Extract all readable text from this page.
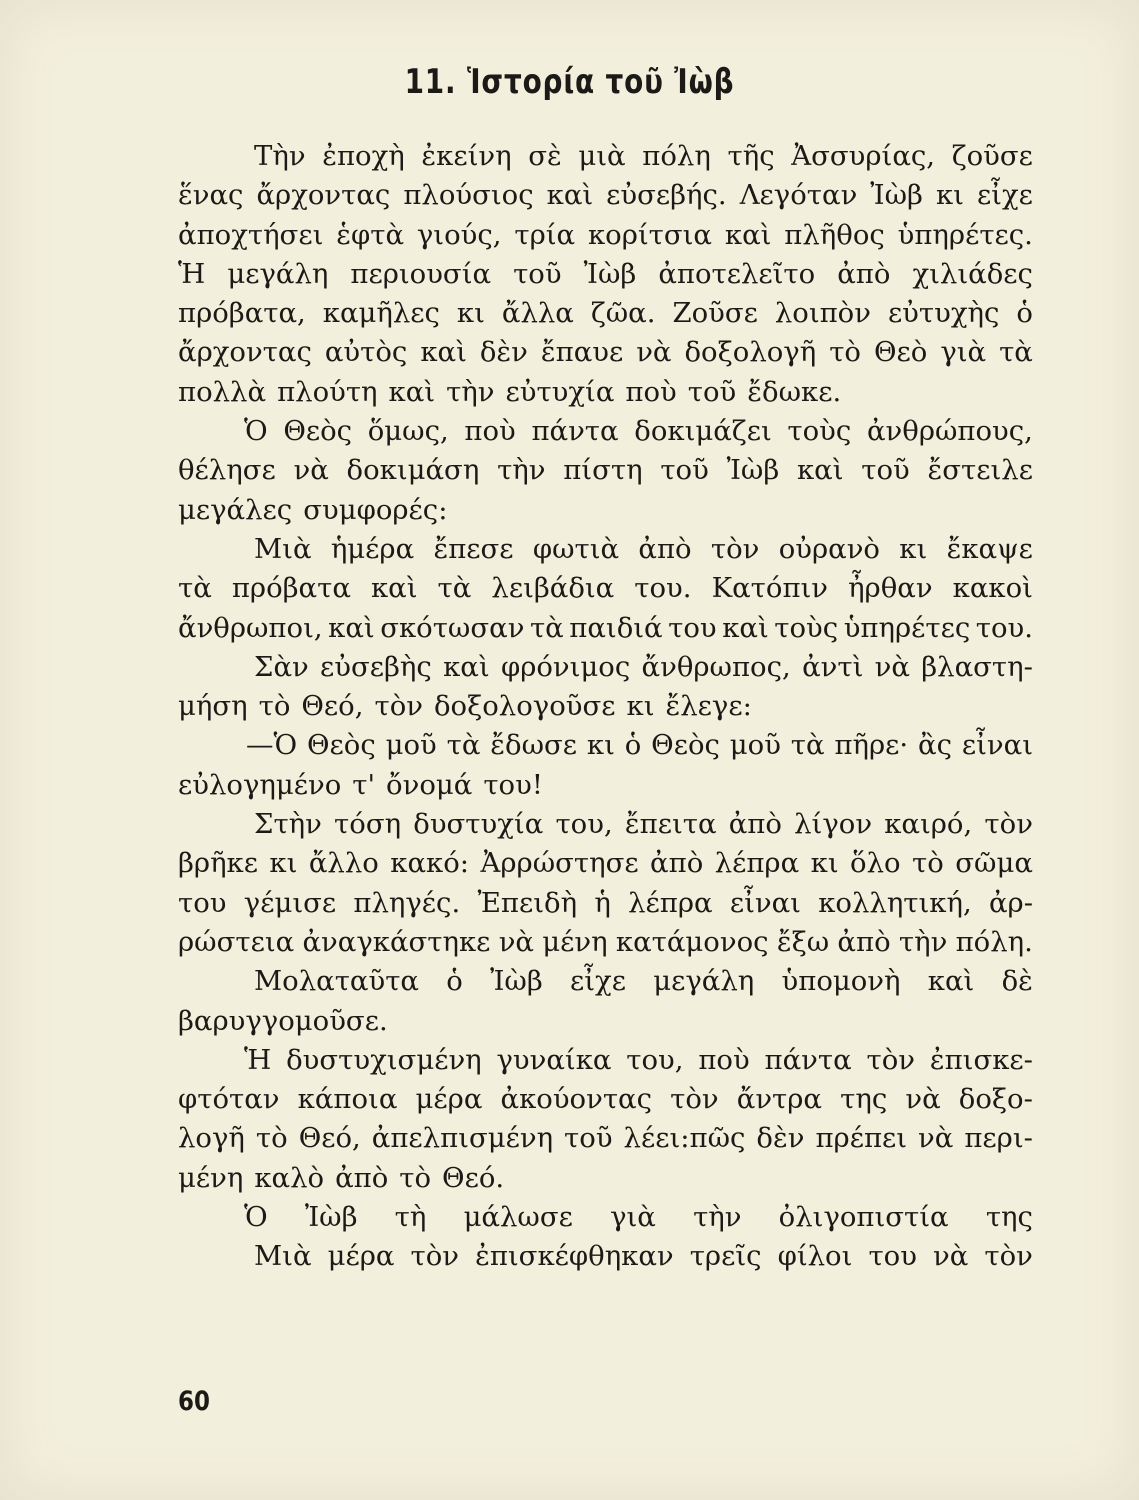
11. Ἱστορία τοῦ Ἰὼβ
Τὴν ἐποχὴ ἐκείνη σὲ μιὰ πόλη τῆς Ἀσσυρίας, ζοῦσε
ἕνας ἄρχοντας πλούσιος καὶ εὐσεβής. Λεγόταν Ἰὼβ κι εἶχε
ἀποχτήσει ἑφτὰ γιούς, τρία κορίτσια καὶ πλῆθος ὑπηρέτες.
Ἡ μεγάλη περιουσία τοῦ Ἰὼβ ἀποτελεῖτο ἀπὸ χιλιάδες
πρόβατα, καμῆλες κι ἄλλα ζῶα. Ζοῦσε λοιπὸν εὐτυχὴς ὁ
ἄρχοντας αὐτὸς καὶ δὲν ἔπαυε νὰ δοξολογῆ τὸ Θεὸ γιὰ τὰ
πολλὰ πλούτη καὶ τὴν εὐτυχία ποὺ τοῦ ἔδωκε.
Ὁ Θεὸς ὅμως, ποὺ πάντα δοκιμάζει τοὺς ἀνθρώπους,
θέλησε νὰ δοκιμάση τὴν πίστη τοῦ Ἰὼβ καὶ τοῦ ἔστειλε
μεγάλες συμφορές:
Μιὰ ἡμέρα ἔπεσε φωτιὰ ἀπὸ τὸν οὐρανὸ κι ἔκαψε
τὰ πρόβατα καὶ τὰ λειβάδια του. Κατόπιν ἦρθαν κακοὶ
ἄνθρωποι, καὶ σκότωσαν τὰ παιδιά του καὶ τοὺς ὑπηρέτες του.
Σὰν εὐσεβὴς καὶ φρόνιμος ἄνθρωπος, ἀντὶ νὰ βλαστη-
μήση τὸ Θεό, τὸν δοξολογοῦσε κι ἔλεγε:
—Ὁ Θεὸς μοῦ τὰ ἔδωσε κι ὁ Θεὸς μοῦ τὰ πῆρε· ἂς εἶναι
εὐλογημένο τ' ὄνομά του!
Στὴν τόση δυστυχία του, ἔπειτα ἀπὸ λίγον καιρό, τὸν
βρῆκε κι ἄλλο κακό: Ἀρρώστησε ἀπὸ λέπρα κι ὅλο τὸ σῶμα
του γέμισε πληγές. Ἐπειδὴ ἡ λέπρα εἶναι κολλητική, ἀρ-
ρώστεια ἀναγκάστηκε νὰ μένη κατάμονος ἔξω ἀπὸ τὴν πόλη.
Μολαταῦτα ὁ Ἰὼβ εἶχε μεγάλη ὑπομονὴ καὶ δὲ
βαρυγγομοῦσε.
Ἡ δυστυχισμένη γυναίκα του, ποὺ πάντα τὸν ἐπισκε-
φτόταν κάποια μέρα ἀκούοντας τὸν ἄντρα της νὰ δοξο-
λογῆ τὸ Θεό, ἀπελπισμένη τοῦ λέει:πῶς δὲν πρέπει νὰ περι-
μένη καλὸ ἀπὸ τὸ Θεό.
Ὁ Ἰὼβ τὴ μάλωσε γιὰ τὴν ὀλιγοπιστία της
Μιὰ μέρα τὸν ἐπισκέφθηκαν τρεῖς φίλοι του νὰ τὸν
60
